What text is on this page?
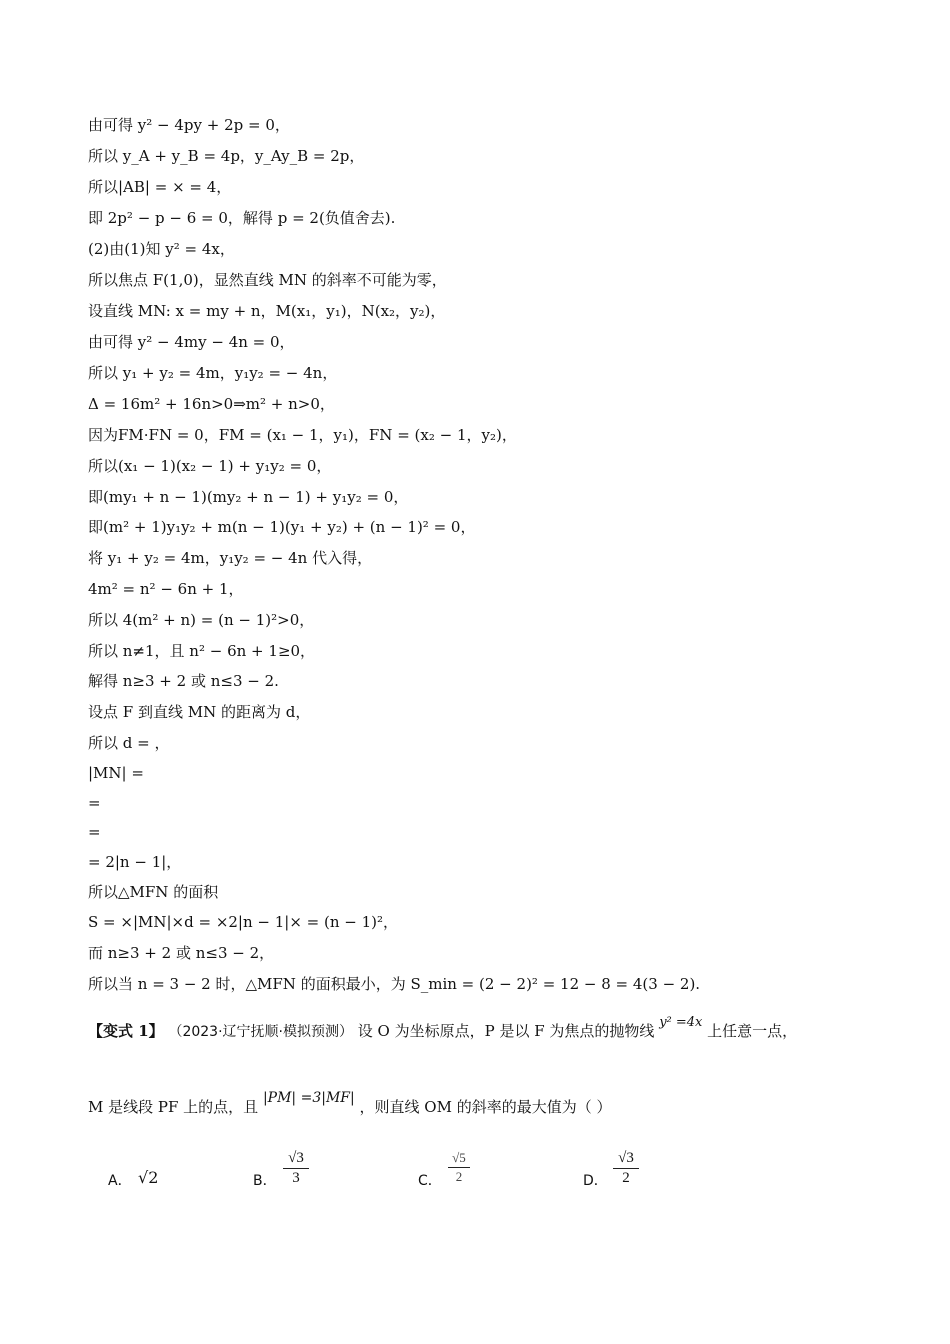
由可得 y² − 4py + 2p = 0，
所以 y_A + y_B = 4p，y_Ay_B = 2p，
所以|AB| = × = 4，
即 2p² − p − 6 = 0，解得 p = 2(负值舍去).
(2)由(1)知 y² = 4x，
所以焦点 F(1,0)，显然直线 MN 的斜率不可能为零，
设直线 MN: x = my + n，M(x₁，y₁)，N(x₂，y₂)，
由可得 y² − 4my − 4n = 0，
所以 y₁ + y₂ = 4m，y₁y₂ = − 4n，
Δ = 16m² + 16n>0⇒m² + n>0，
因为FM·FN = 0，FM = (x₁ − 1，y₁)，FN = (x₂ − 1，y₂)，
所以(x₁ − 1)(x₂ − 1) + y₁y₂ = 0，
即(my₁ + n − 1)(my₂ + n − 1) + y₁y₂ = 0，
即(m² + 1)y₁y₂ + m(n − 1)(y₁ + y₂) + (n − 1)² = 0，
将 y₁ + y₂ = 4m，y₁y₂ = − 4n 代入得，
4m² = n² − 6n + 1，
所以 4(m² + n) = (n − 1)²>0，
所以 n≠1，且 n² − 6n + 1≥0，
解得 n≥3 + 2 或 n≤3 − 2.
设点 F 到直线 MN 的距离为 d，
所以 d = ，
|MN| =
=
=
= 2|n − 1|，
所以△MFN 的面积
S = ×|MN|×d = ×2|n − 1|× = (n − 1)²，
而 n≥3 + 2 或 n≤3 − 2，
所以当 n = 3 − 2 时，△MFN 的面积最小，为 S_min = (2 − 2)² = 12 − 8 = 4(3 − 2).
【变式 1】 （2023·辽宁抚顺·模拟预测） 设 O 为坐标原点，P 是以 F 为焦点的抛物线 y² =4x 上任意一点，
M 是线段 PF 上的点，且 |PM| =3|MF| ，则直线 OM 的斜率的最大值为（ ）
A． √2	B．
√3
3	C．
√5
2	D．
√3
2
